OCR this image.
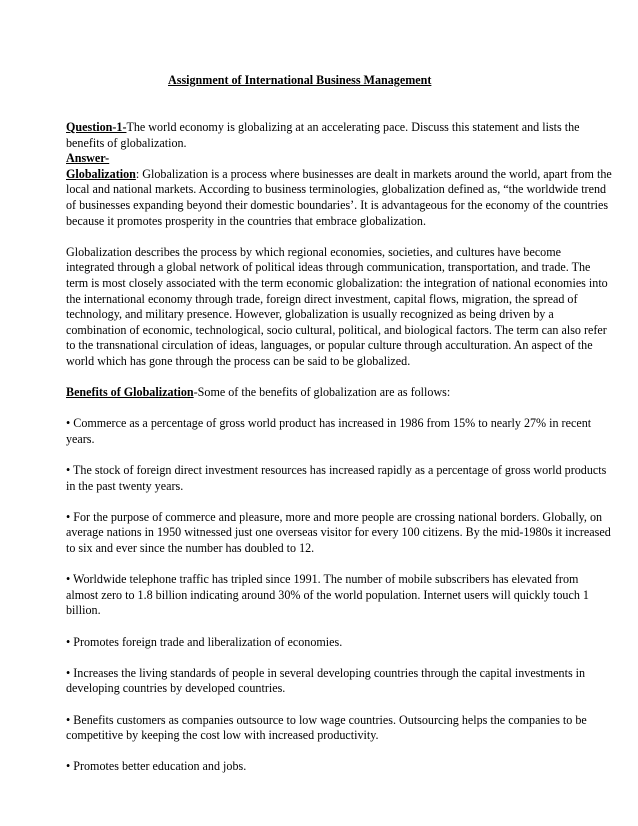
Assignment of International Business Management

Question-1-The world economy is globalizing at an accelerating pace. Discuss this statement and lists the benefits of globalization.

Answer-

Globalization: Globalization is a process where businesses are dealt in markets around the world, apart from the local and national markets. According to business terminologies, globalization defined as, “the worldwide trend of businesses expanding beyond their domestic boundaries’. It is advantageous for the economy of the countries because it promotes prosperity in the countries that embrace globalization.

Globalization describes the process by which regional economies, societies, and cultures have become integrated through a global network of political ideas through communication, transportation, and trade. The term is most closely associated with the term economic globalization: the integration of national economies into the international economy through trade, foreign direct investment, capital flows, migration, the spread of technology, and military presence. However, globalization is usually recognized as being driven by a combination of economic, technological, socio cultural, political, and biological factors. The term can also refer to the transnational circulation of ideas, languages, or popular culture through acculturation. An aspect of the world which has gone through the process can be said to be globalized.

Benefits of Globalization-Some of the benefits of globalization are as follows:

• Commerce as a percentage of gross world product has increased in 1986 from 15% to nearly 27% in recent years.

• The stock of foreign direct investment resources has increased rapidly as a percentage of gross world products in the past twenty years.

• For the purpose of commerce and pleasure, more and more people are crossing national borders. Globally, on average nations in 1950 witnessed just one overseas visitor for every 100 citizens. By the mid-1980s it increased to six and ever since the number has doubled to 12.

• Worldwide telephone traffic has tripled since 1991. The number of mobile subscribers has elevated from almost zero to 1.8 billion indicating around 30% of the world population. Internet users will quickly touch 1 billion.

• Promotes foreign trade and liberalization of economies.

• Increases the living standards of people in several developing countries through the capital investments in developing countries by developed countries.

• Benefits customers as companies outsource to low wage countries. Outsourcing helps the companies to be competitive by keeping the cost low with increased productivity.

• Promotes better education and jobs.
